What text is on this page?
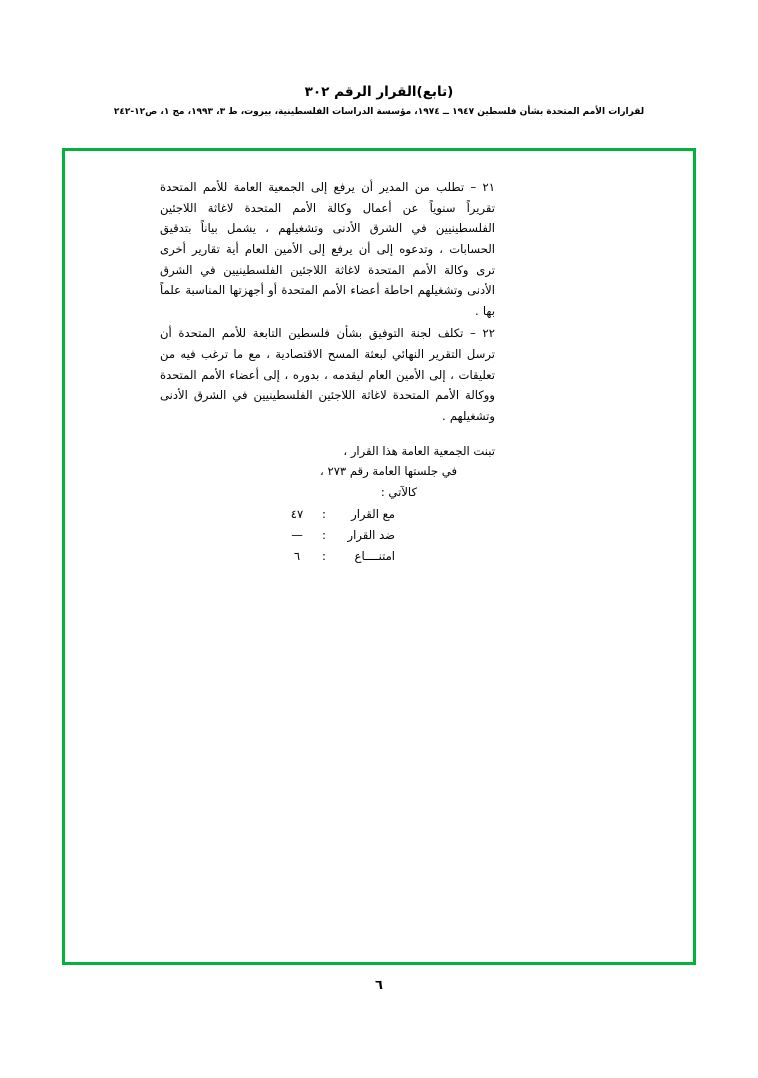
(تابع)القرار الرقم ٣٠٢
لقرارات الأمم المتحدة بشأن فلسطين ١٩٤٧ ــ ١٩٧٤، مؤسسة الدراسات الفلسطينية، بيروت، ط ٣، ١٩٩٣، مج ١، ص١٢-٢٤٢

٢١ – تطلب من المدير أن يرفع إلى الجمعية العامة للأمم المتحدة تقريراً سنوياً عن أعمال وكالة الأمم المتحدة لاغاثة اللاجئين الفلسطينيين في الشرق الأدنى وتشغيلهم ، يشمل بياناً بتدقيق الحسابات ، وتدعوه إلى أن يرفع إلى الأمين العام أية تقارير أخرى ترى وكالة الأمم المتحدة لاغاثة اللاجئين الفلسطينيين في الشرق الأدنى وتشغيلهم احاطة أعضاء الأمم المتحدة أو أجهزتها المناسبة علماً بها .

٢٢ – تكلف لجنة التوفيق بشأن فلسطين التابعة للأمم المتحدة أن ترسل التقرير النهائي لبعثة المسح الاقتصادية ، مع ما ترغب فيه من تعليقات ، إلى الأمين العام ليقدمه ، بدوره ، إلى أعضاء الأمم المتحدة ووكالة الأمم المتحدة لاغاثة اللاجئين الفلسطينيين في الشرق الأدنى وتشغيلهم .

تبنت الجمعية العامة هذا القرار ،
في جلستها العامة رقم ٢٧٣ ،
كالآتي :
مع القرار
:
٤٧
ضد القرار
:
—
امتنــــاع
:
٦
٦
